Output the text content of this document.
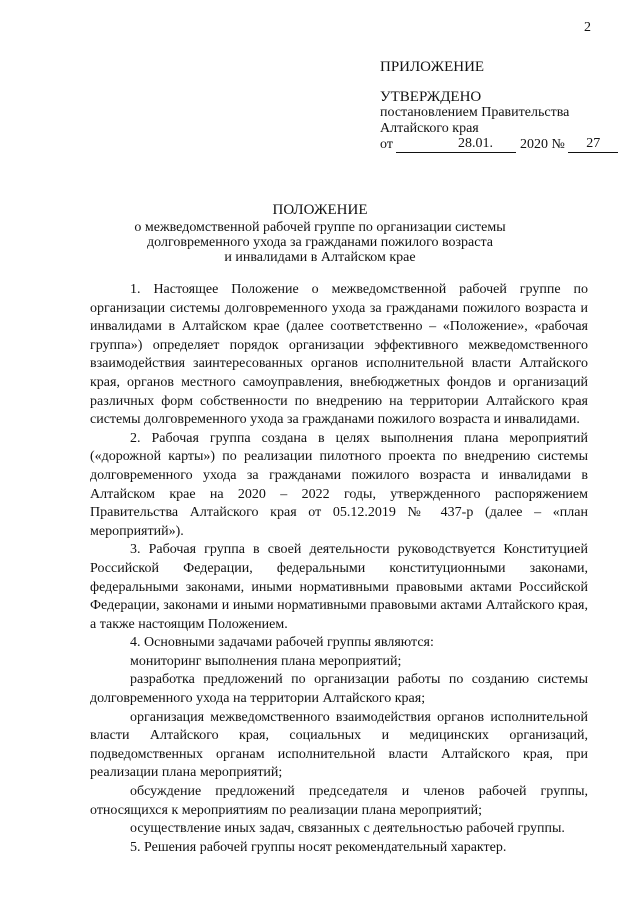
2
ПРИЛОЖЕНИЕ
УТВЕРЖДЕНО
постановлением Правительства
Алтайского края
от	28.01. 2020 № 27
ПОЛОЖЕНИЕ
о межведомственной рабочей группе по организации системы
долговременного ухода за гражданами пожилого возраста
и инвалидами в Алтайском крае

1. Настоящее Положение о межведомственной рабочей группе по организации системы долговременного ухода за гражданами пожилого возраста и инвалидами в Алтайском крае (далее соответственно – «Положение», «рабочая группа») определяет порядок организации эффективного межведомственного взаимодействия заинтересованных органов исполнительной власти Алтайского края, органов местного самоуправления, внебюджетных фондов и организаций различных форм собственности по внедрению на территории Алтайского края системы долговременного ухода за гражданами пожилого возраста и инвалидами.

2. Рабочая группа создана в целях выполнения плана мероприятий («дорожной карты») по реализации пилотного проекта по внедрению системы долговременного ухода за гражданами пожилого возраста и инвалидами в Алтайском крае на 2020 – 2022 годы, утвержденного распоряжением Правительства Алтайского края от 05.12.2019 № 437-р (далее – «план мероприятий»).

3. Рабочая группа в своей деятельности руководствуется Конституцией Российской Федерации, федеральными конституционными законами, федеральными законами, иными нормативными правовыми актами Российской Федерации, законами и иными нормативными правовыми актами Алтайского края, а также настоящим Положением.

4. Основными задачами рабочей группы являются:

мониторинг выполнения плана мероприятий;

разработка предложений по организации работы по созданию системы долговременного ухода на территории Алтайского края;

организация межведомственного взаимодействия органов исполнительной власти Алтайского края, социальных и медицинских организаций, подведомственных органам исполнительной власти Алтайского края, при реализации плана мероприятий;

обсуждение предложений председателя и членов рабочей группы, относящихся к мероприятиям по реализации плана мероприятий;

осуществление иных задач, связанных с деятельностью рабочей группы.

5. Решения рабочей группы носят рекомендательный характер.
